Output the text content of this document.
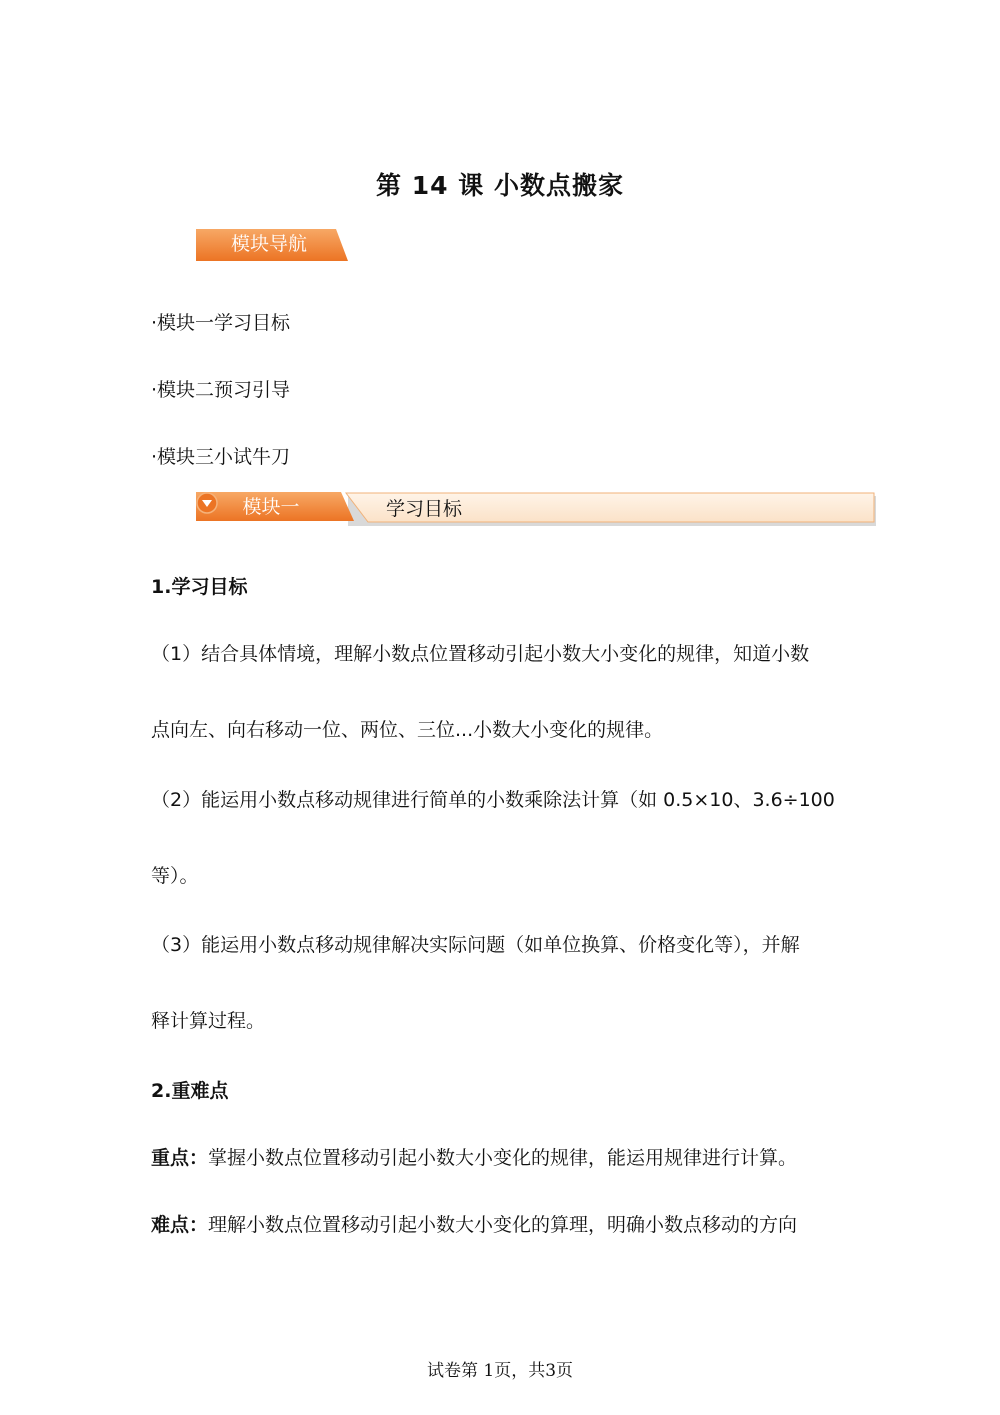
第 14 课 小数点搬家
模块导航
·模块一学习目标
·模块二预习引导
·模块三小试牛刀
模块一	学习目标
1.学习目标
（1）结合具体情境，理解小数点位置移动引起小数大小变化的规律，知道小数
点向左、向右移动一位、两位、三位...小数大小变化的规律。
（2）能运用小数点移动规律进行简单的小数乘除法计算（如 0.5×10、3.6÷100
等）。
（3）能运用小数点移动规律解决实际问题（如单位换算、价格变化等），并解
释计算过程。
2.重难点
重点：掌握小数点位置移动引起小数大小变化的规律，能运用规律进行计算。
难点：理解小数点位置移动引起小数大小变化的算理，明确小数点移动的方向
试卷第 1页，共3页
